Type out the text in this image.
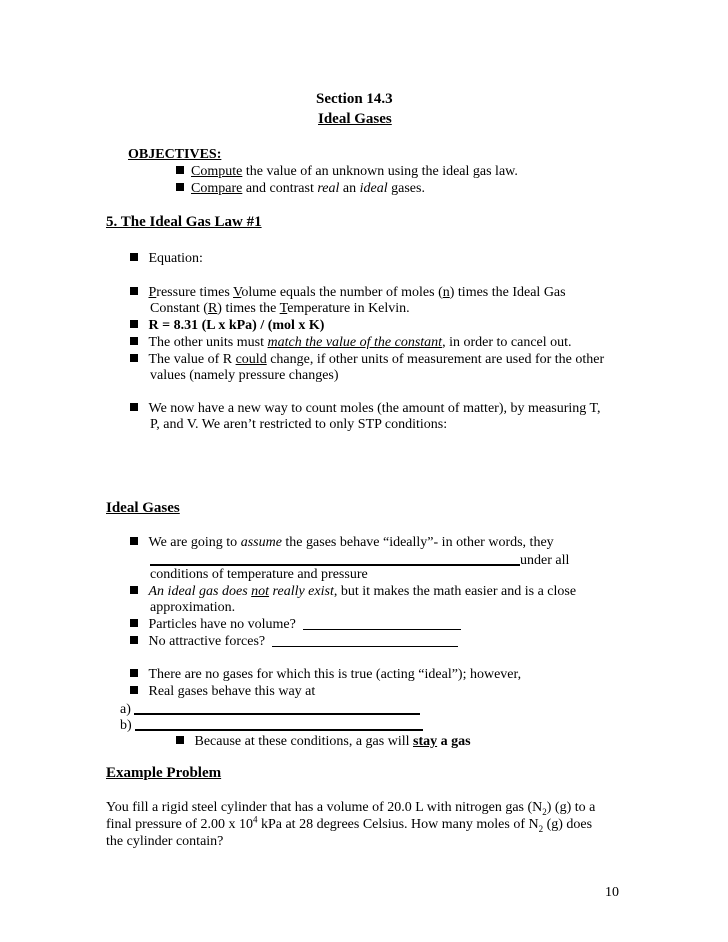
Section 14.3
Ideal Gases
OBJECTIVES:
Compute the value of an unknown using the ideal gas law.
Compare and contrast real an ideal gases.
5. The Ideal Gas Law #1
Equation:
Pressure times Volume equals the number of moles (n) times the Ideal Gas
Constant (R) times the Temperature in Kelvin.
R = 8.31 (L x kPa) / (mol x K)
The other units must match the value of the constant, in order to cancel out.
The value of R could change, if other units of measurement are used for the other
values (namely pressure changes)
We now have a new way to count moles (the amount of matter), by measuring T,
P, and V. We aren’t restricted to only STP conditions:
Ideal Gases
We are going to assume the gases behave “ideally”- in other words, they
under all
conditions of temperature and pressure
An ideal gas does not really exist, but it makes the math easier and is a close
approximation.
Particles have no volume?
No attractive forces?
There are no gases for which this is true (acting “ideal”); however,
Real gases behave this way at
a)
b)
Because at these conditions, a gas will stay a gas
Example Problem
You fill a rigid steel cylinder that has a volume of 20.0 L with nitrogen gas $(N_2)$ (g) to a
final pressure of 2.00 x $10^4$ kPa at 28 degrees Celsius. How many moles of $N_2$ (g) does
the cylinder contain?
10
